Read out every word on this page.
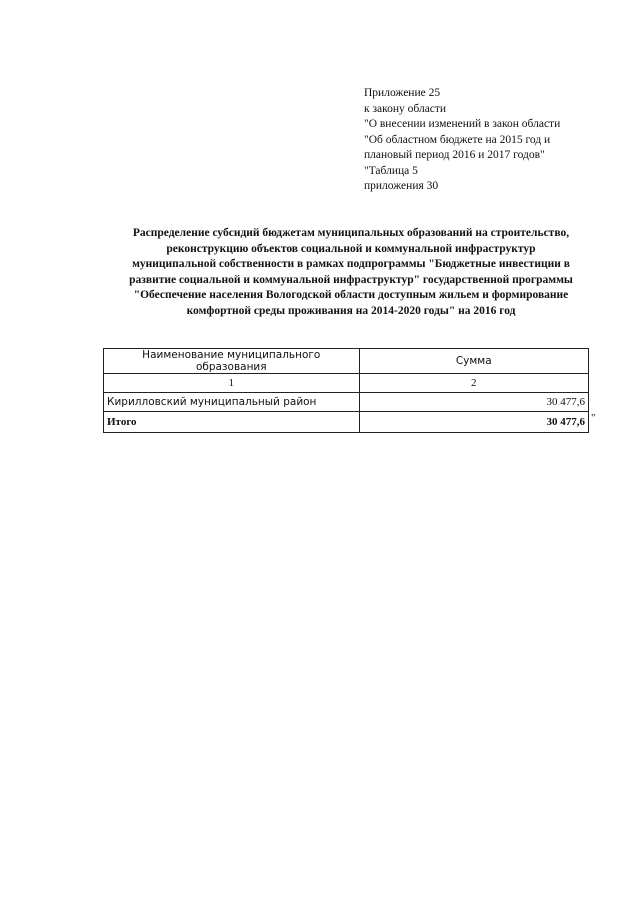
Приложение 25
к закону области
"О внесении изменений в закон области
"Об областном бюджете на 2015 год и
плановый период 2016 и 2017 годов"
"Таблица 5
приложения 30
Распределение субсидий бюджетам муниципальных образований на строительство,
реконструкцию объектов социальной и коммунальной инфраструктур
муниципальной собственности в рамках подпрограммы "Бюджетные инвестиции в
развитие социальной и коммунальной инфраструктур" государственной программы
"Обеспечение населения Вологодской области доступным жильем и формирование
комфортной среды проживания на 2014-2020 годы" на 2016 год
Наименование муниципального образования	Сумма
1	2
Кирилловский муниципальный район	30 477,6
Итого	30 477,6 "
